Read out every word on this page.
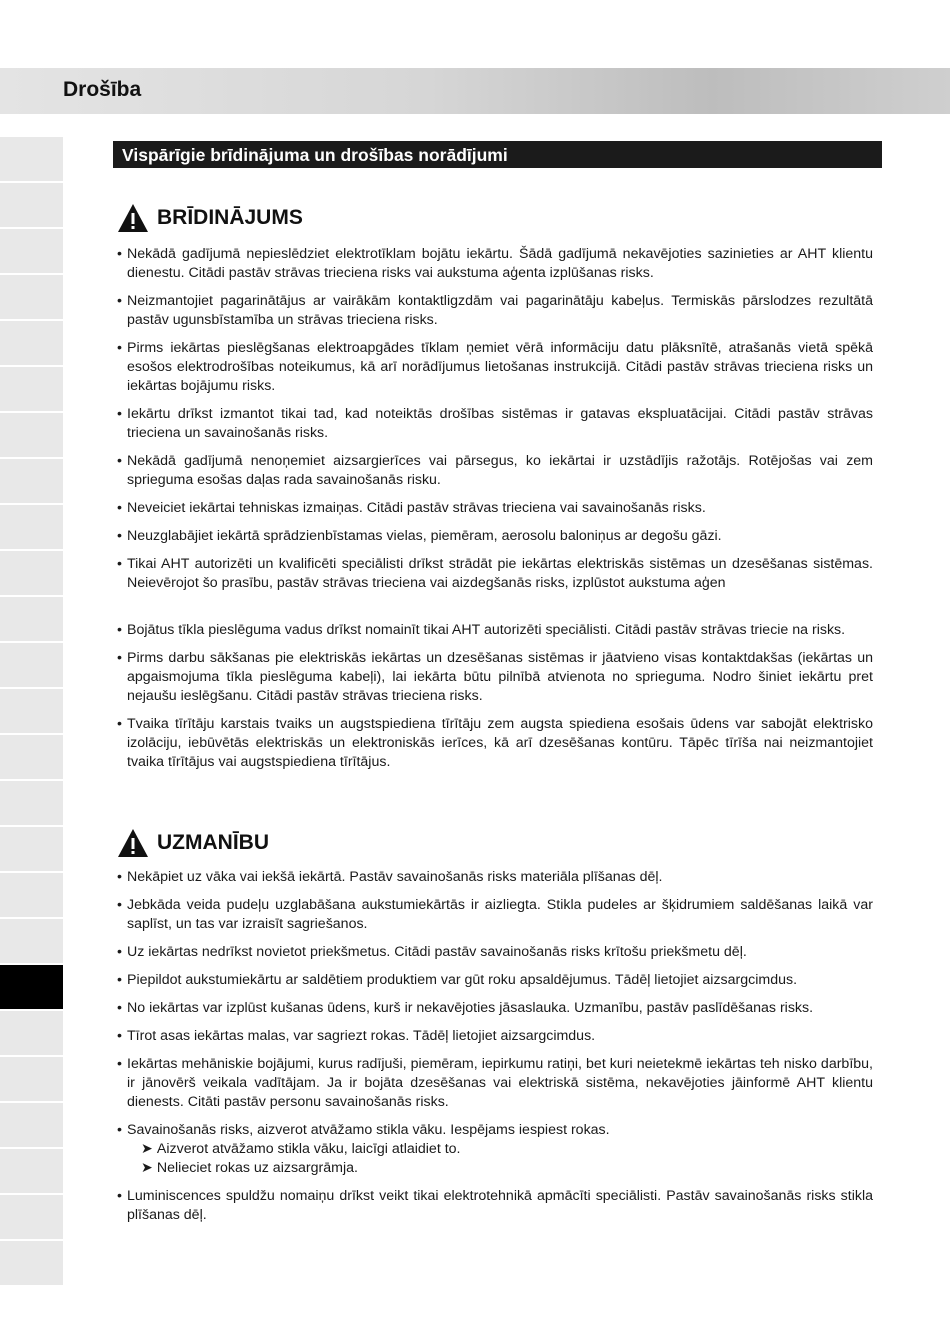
Drošība
Vispārīgie brīdinājuma un drošības norādījumi
BRĪDINĀJUMS
• Nekādā gadījumā nepieslēdziet elektrotīklam bojātu iekārtu. Šādā gadījumā nekavējoties sazinieties ar AHT klientu dienestu. Citādi pastāv strāvas trieciena risks vai aukstuma aģenta izplūšanas risks.
• Neizmantojiet pagarinātājus ar vairākām kontaktligzdām vai pagarinātāju kabeļus. Termiskās pārslodzes rezultātā pastāv ugunsbīstamība un strāvas trieciena risks.
• Pirms iekārtas pieslēgšanas elektroapgādes tīklam ņemiet vērā informāciju datu plāksnītē, atrašanās vietā spēkā esošos elektrodrošības noteikumus, kā arī norādījumus lietošanas instrukcijā. Citādi pastāv strāvas trieciena risks un iekārtas bojājumu risks.
• Iekārtu drīkst izmantot tikai tad, kad noteiktās drošības sistēmas ir gatavas ekspluatācijai. Citādi pastāv strāvas trieciena un savainošanās risks.
• Nekādā gadījumā nenoņemiet aizsargierīces vai pārsegus, ko iekārtai ir uzstādījis ražotājs. Rotējošas vai zem sprieguma esošas daļas rada savainošanās risku.
• Neveiciet iekārtai tehniskas izmaiņas. Citādi pastāv strāvas trieciena vai savainošanās risks.
• Neuzglabājiet iekārtā sprādzienbīstamas vielas, piemēram, aerosolu baloniņus ar degošu gāzi.
• Tikai AHT autorizēti un kvalificēti speciālisti drīkst strādāt pie iekārtas elektriskās sistēmas un dzesēšanas sistēmas. Neievērojot šo prasību, pastāv strāvas trieciena vai aizdegšanās risks, izplūstot aukstuma aģen
• Bojātus tīkla pieslēguma vadus drīkst nomainīt tikai AHT autorizēti speciālisti. Citādi pastāv strāvas triecie na risks.
• Pirms darbu sākšanas pie elektriskās iekārtas un dzesēšanas sistēmas ir jāatvieno visas kontaktdakšas (iekārtas un apgaismojuma tīkla pieslēguma kabeļi), lai iekārta būtu pilnībā atvienota no sprieguma. Nodro šiniet iekārtu pret nejaušu ieslēgšanu. Citādi pastāv strāvas trieciena risks.
• Tvaika tīrītāju karstais tvaiks un augstspiediena tīrītāju zem augsta spiediena esošais ūdens var sabojāt elektrisko izolāciju, iebūvētās elektriskās un elektroniskās ierīces, kā arī dzesēšanas kontūru. Tāpēc tīrīša nai neizmantojiet tvaika tīrītājus vai augstspiediena tīrītājus.
UZMANĪBU
• Nekāpiet uz vāka vai iekšā iekārtā. Pastāv savainošanās risks materiāla plīšanas dēļ.
• Jebkāda veida pudeļu uzglabāšana aukstumiekārtās ir aizliegta. Stikla pudeles ar šķidrumiem saldēšanas laikā var saplīst, un tas var izraisīt sagriešanos.
• Uz iekārtas nedrīkst novietot priekšmetus. Citādi pastāv savainošanās risks krītošu priekšmetu dēļ.
• Piepildot aukstumiekārtu ar saldētiem produktiem var gūt roku apsaldējumus. Tādēļ lietojiet aizsargcimdus.
• No iekārtas var izplūst kušanas ūdens, kurš ir nekavējoties jāsaslauka. Uzmanību, pastāv paslīdēšanas risks.
• Tīrot asas iekārtas malas, var sagriezt rokas. Tādēļ lietojiet aizsargcimdus.
• Iekārtas mehāniskie bojājumi, kurus radījuši, piemēram, iepirkumu ratiņi, bet kuri neietekmē iekārtas teh nisko darbību, ir jānovērš veikala vadītājam. Ja ir bojāta dzesēšanas vai elektriskā sistēma, nekavējoties jāinformē AHT klientu dienests. Citāti pastāv personu savainošanās risks.
• Savainošanās risks, aizverot atvāžamo stikla vāku. Iespējams iespiest rokas.
➤ Aizverot atvāžamo stikla vāku, laicīgi atlaidiet to.
➤ Nelieciet rokas uz aizsargrāmja.
• Luminiscences spuldžu nomaiņu drīkst veikt tikai elektrotehnikā apmācīti speciālisti. Pastāv savainošanās risks stikla plīšanas dēļ.
